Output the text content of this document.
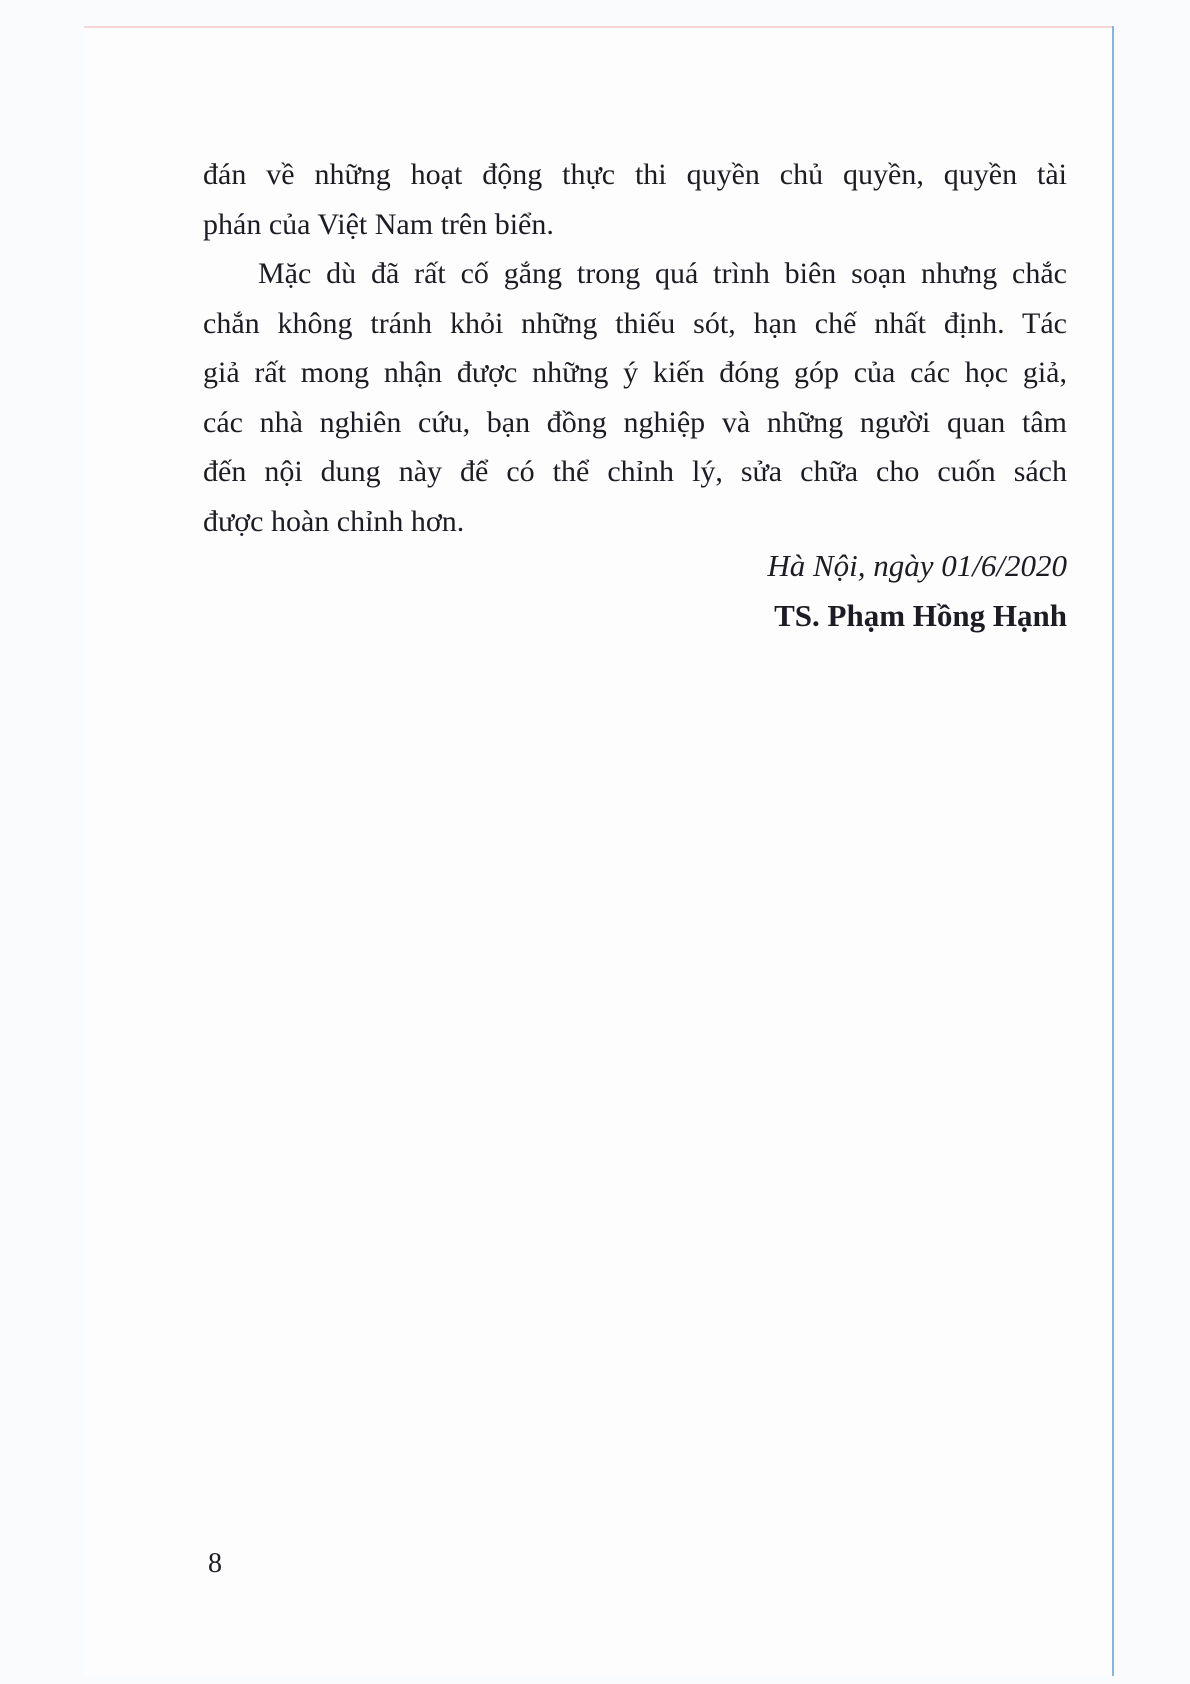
đán về những hoạt động thực thi quyền chủ quyền, quyền tài
phán của Việt Nam trên biển.
Mặc dù đã rất cố gắng trong quá trình biên soạn nhưng chắc
chắn không tránh khỏi những thiếu sót, hạn chế nhất định. Tác
giả rất mong nhận được những ý kiến đóng góp của các học giả,
các nhà nghiên cứu, bạn đồng nghiệp và những người quan tâm
đến nội dung này để có thể chỉnh lý, sửa chữa cho cuốn sách
được hoàn chỉnh hơn.
Hà Nội, ngày 01/6/2020
TS. Phạm Hồng Hạnh
8
